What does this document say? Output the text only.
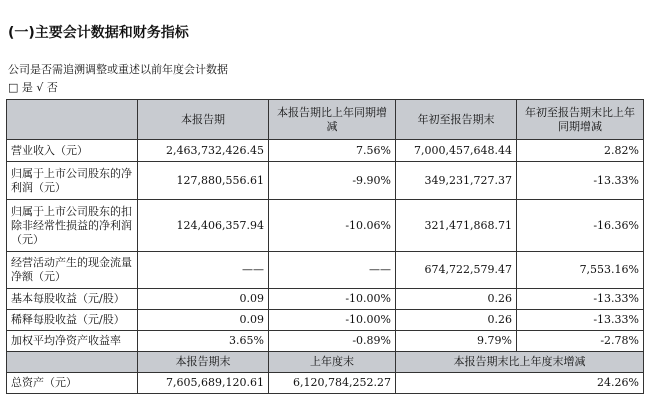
(一)主要会计数据和财务指标
公司是否需追溯调整或重述以前年度会计数据
□ 是 √ 否
	本报告期	本报告期比上年同期增减	年初至报告期末	年初至报告期末比上年同期增减
营业收入（元）	2,463,732,426.45	7.56%	7,000,457,648.44	2.82%
归属于上市公司股东的净利润（元）	127,880,556.61	-9.90%	349,231,727.37	-13.33%
归属于上市公司股东的扣除非经常性损益的净利润（元）	124,406,357.94	-10.06%	321,471,868.71	-16.36%
经营活动产生的现金流量净额（元）	——	——	674,722,579.47	7,553.16%
基本每股收益（元/股）	0.09	-10.00%	0.26	-13.33%
稀释每股收益（元/股）	0.09	-10.00%	0.26	-13.33%
加权平均净资产收益率	3.65%	-0.89%	9.79%	-2.78%
	本报告期末	上年度末	本报告期末比上年度末增减	
总资产（元）	7,605,689,120.61	6,120,784,252.27	24.26%	
